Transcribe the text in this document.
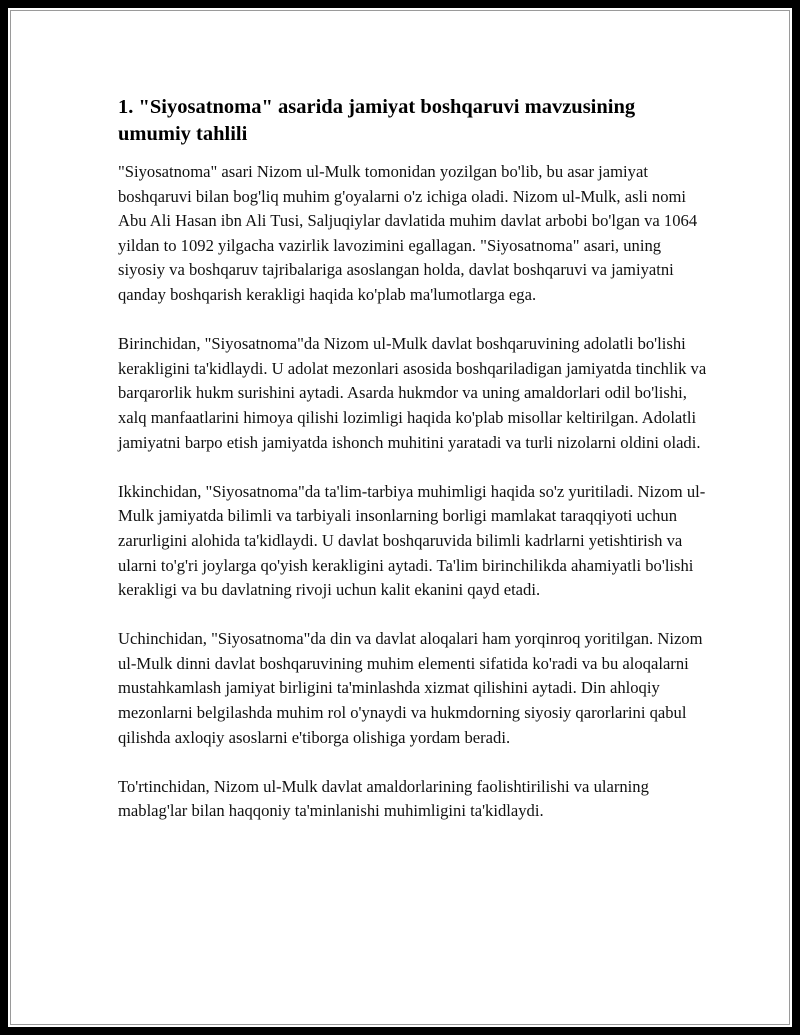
1. "Siyosatnoma" asarida jamiyat boshqaruvi mavzusining umumiy tahlili

"Siyosatnoma" asari Nizom ul-Mulk tomonidan yozilgan bo'lib, bu asar jamiyat boshqaruvi bilan bog'liq muhim g'oyalarni o'z ichiga oladi. Nizom ul-Mulk, asli nomi Abu Ali Hasan ibn Ali Tusi, Saljuqiylar davlatida muhim davlat arbobi bo'lgan va 1064 yildan to 1092 yilgacha vazirlik lavozimini egallagan. "Siyosatnoma" asari, uning siyosiy va boshqaruv tajribalariga asoslangan holda, davlat boshqaruvi va jamiyatni qanday boshqarish kerakligi haqida ko'plab ma'lumotlarga ega.

Birinchidan, "Siyosatnoma"da Nizom ul-Mulk davlat boshqaruvining adolatli bo'lishi kerakligini ta'kidlaydi. U adolat mezonlari asosida boshqariladigan jamiyatda tinchlik va barqarorlik hukm surishini aytadi. Asarda hukmdor va uning amaldorlari odil bo'lishi, xalq manfaatlarini himoya qilishi lozimligi haqida ko'plab misollar keltirilgan. Adolatli jamiyatni barpo etish jamiyatda ishonch muhitini yaratadi va turli nizolarni oldini oladi.

Ikkinchidan, "Siyosatnoma"da ta'lim-tarbiya muhimligi haqida so'z yuritiladi. Nizom ul-Mulk jamiyatda bilimli va tarbiyali insonlarning borligi mamlakat taraqqiyoti uchun zarurligini alohida ta'kidlaydi. U davlat boshqaruvida bilimli kadrlarni yetishtirish va ularni to'g'ri joylarga qo'yish kerakligini aytadi. Ta'lim birinchilikda ahamiyatli bo'lishi kerakligi va bu davlatning rivoji uchun kalit ekanini qayd etadi.

Uchinchidan, "Siyosatnoma"da din va davlat aloqalari ham yorqinroq yoritilgan. Nizom ul-Mulk dinni davlat boshqaruvining muhim elementi sifatida ko'radi va bu aloqalarni mustahkamlash jamiyat birligini ta'minlashda xizmat qilishini aytadi. Din ahloqiy mezonlarni belgilashda muhim rol o'ynaydi va hukmdorning siyosiy qarorlarini qabul qilishda axloqiy asoslarni e'tiborga olishiga yordam beradi.

To'rtinchidan, Nizom ul-Mulk davlat amaldorlarining faolishtirilishi va ularning mablag'lar bilan haqqoniy ta'minlanishi muhimligini ta'kidlaydi.
